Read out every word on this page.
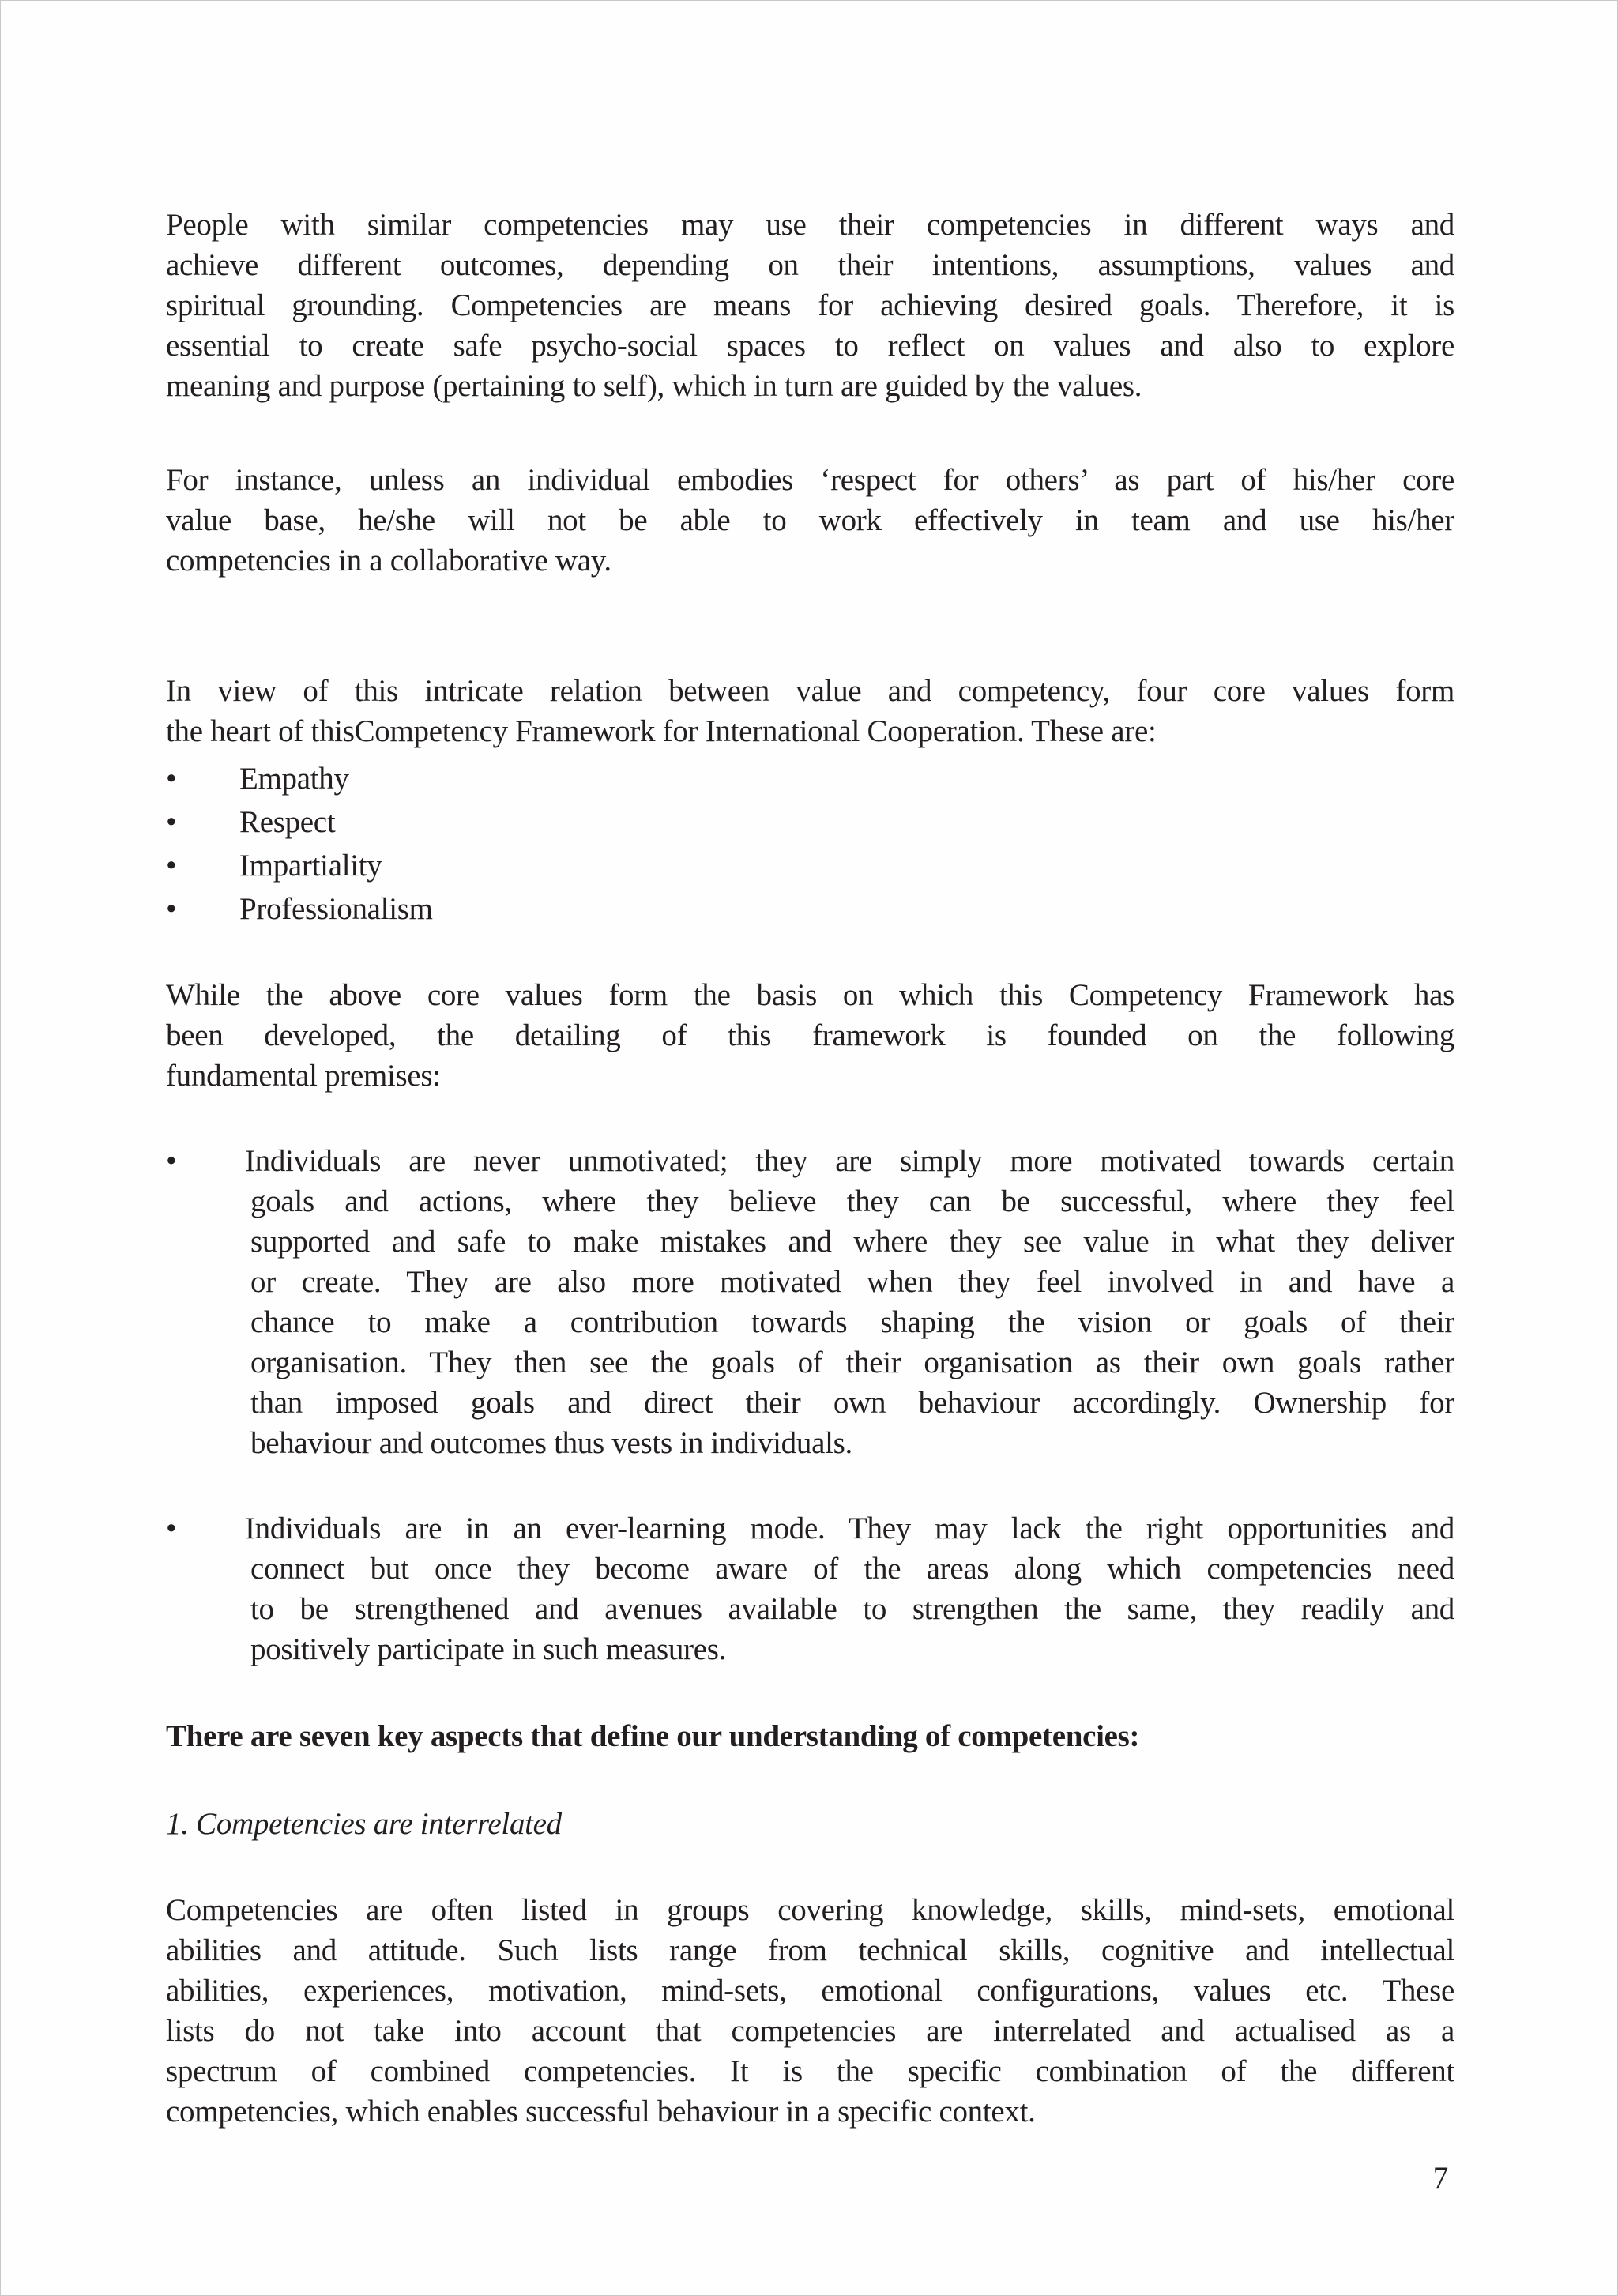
People with similar competencies may use their competencies in different ways and
achieve different outcomes, depending on their intentions, assumptions, values and
spiritual grounding. Competencies are means for achieving desired goals. Therefore, it is
essential to create safe psycho-social spaces to reflect on values and also to explore
meaning and purpose (pertaining to self), which in turn are guided by the values.
For instance, unless an individual embodies ‘respect for others’ as part of his/her core
value base, he/she will not be able to work effectively in team and use his/her
competencies in a collaborative way.
In view of this intricate relation between value and competency, four core values form
the heart of thisCompetency Framework for International Cooperation. These are:
• Empathy
• Respect
• Impartiality
• Professionalism
While the above core values form the basis on which this Competency Framework has
been developed, the detailing of this framework is founded on the following
fundamental premises:
• Individuals are never unmotivated; they are simply more motivated towards certain
goals and actions, where they believe they can be successful, where they feel
supported and safe to make mistakes and where they see value in what they deliver
or create. They are also more motivated when they feel involved in and have a
chance to make a contribution towards shaping the vision or goals of their
organisation. They then see the goals of their organisation as their own goals rather
than imposed goals and direct their own behaviour accordingly. Ownership for
behaviour and outcomes thus vests in individuals.
• Individuals are in an ever-learning mode. They may lack the right opportunities and
connect but once they become aware of the areas along which competencies need
to be strengthened and avenues available to strengthen the same, they readily and
positively participate in such measures.
There are seven key aspects that define our understanding of competencies:
1. Competencies are interrelated
Competencies are often listed in groups covering knowledge, skills, mind-sets, emotional
abilities and attitude. Such lists range from technical skills, cognitive and intellectual
abilities, experiences, motivation, mind-sets, emotional configurations, values etc. These
lists do not take into account that competencies are interrelated and actualised as a
spectrum of combined competencies. It is the specific combination of the different
competencies, which enables successful behaviour in a specific context.
7
